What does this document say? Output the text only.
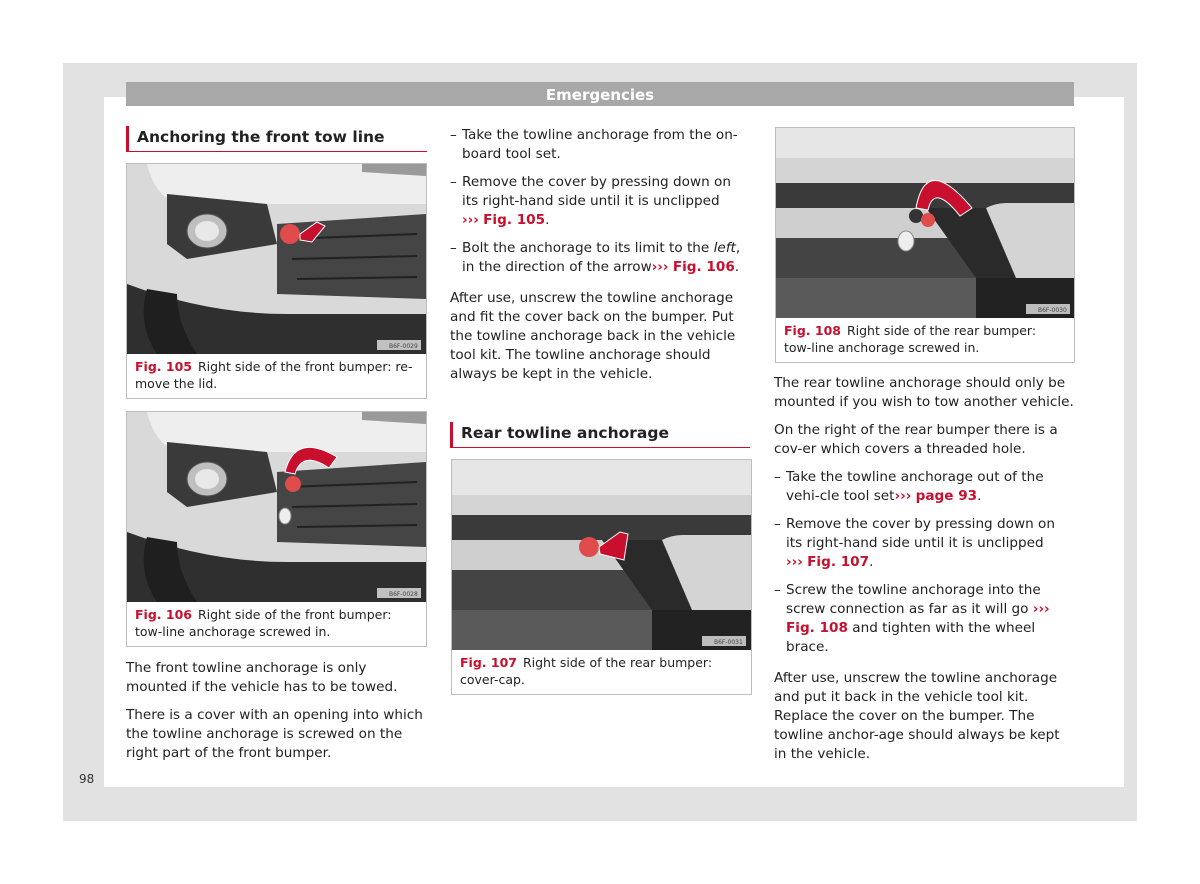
Emergencies
Anchoring the front tow line
B6F-0029
Fig. 105 Right side of the front bumper: re-move the lid.
B6F-0028
Fig. 106 Right side of the front bumper: tow-line anchorage screwed in.

The front towline anchorage is only mounted if the vehicle has to be towed.

There is a cover with an opening into which the towline anchorage is screwed on the right part of the front bumper.

– Take the towline anchorage from the on-board tool set.
– Remove the cover by pressing down on its right-hand side until it is unclipped
››› Fig. 105.
– Bolt the anchorage to its limit to the left, in the direction of the arrow››› Fig. 106.

After use, unscrew the towline anchorage and fit the cover back on the bumper. Put the towline anchorage back in the vehicle tool kit. The towline anchorage should always be kept in the vehicle.

Rear towline anchorage
B6F-0031
Fig. 107 Right side of the rear bumper: cover-cap.
B6F-0030
Fig. 108 Right side of the rear bumper: tow-line anchorage screwed in.

The rear towline anchorage should only be mounted if you wish to tow another vehicle.

On the right of the rear bumper there is a cov-er which covers a threaded hole.

– Take the towline anchorage out of the vehi-cle tool set››› page 93.
– Remove the cover by pressing down on its right-hand side until it is unclipped
››› Fig. 107.
– Screw the towline anchorage into the screw connection as far as it will go ››› Fig. 108 and tighten with the wheel brace.

After use, unscrew the towline anchorage and put it back in the vehicle tool kit. Replace the cover on the bumper. The towline anchor-age should always be kept in the vehicle.

98
